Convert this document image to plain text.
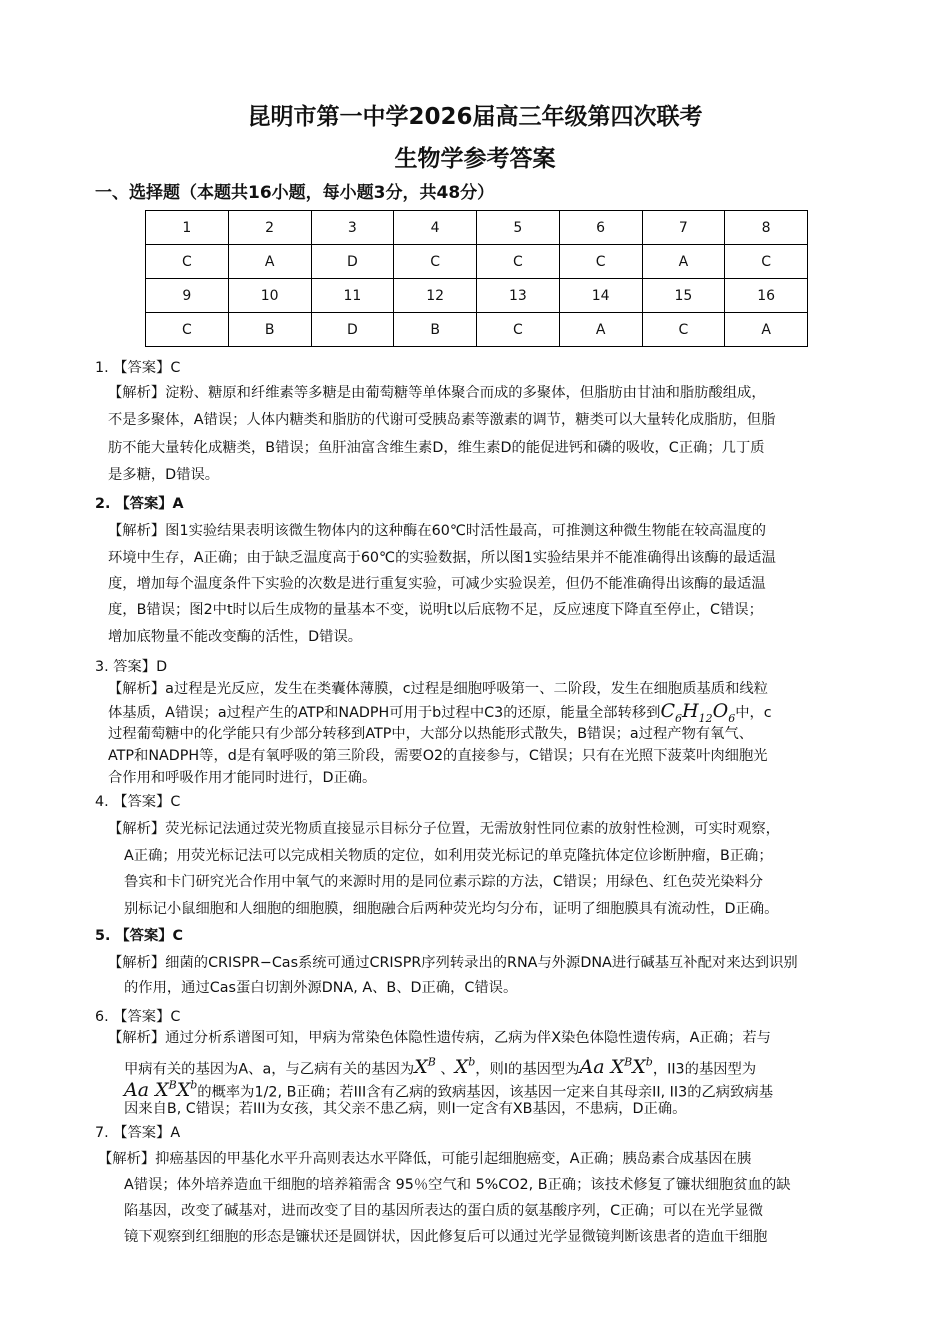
昆明市第一中学2026届高三年级第四次联考
生物学参考答案
一、选择题（本题共16小题，每小题3分，共48分）
1	2	3	4	5	6	7	8
C	A	D	C	C	C	A	C
9	10	11	12	13	14	15	16
C	B	D	B	C	A	C	A
1. 【答案】C
【解析】淀粉、糖原和纤维素等多糖是由葡萄糖等单体聚合而成的多聚体，但脂肪由甘油和脂肪酸组成，
不是多聚体，A错误；人体内糖类和脂肪的代谢可受胰岛素等激素的调节，糖类可以大量转化成脂肪，但脂
肪不能大量转化成糖类，B错误；鱼肝油富含维生素D，维生素D的能促进钙和磷的吸收，C正确；几丁质
是多糖，D错误。
2. 【答案】A
【解析】图1实验结果表明该微生物体内的这种酶在60℃时活性最高，可推测这种微生物能在较高温度的
环境中生存，A正确；由于缺乏温度高于60℃的实验数据，所以图1实验结果并不能准确得出该酶的最适温
度，增加每个温度条件下实验的次数是进行重复实验，可减少实验误差，但仍不能准确得出该酶的最适温
度，B错误；图2中t时以后生成物的量基本不变，说明t以后底物不足，反应速度下降直至停止，C错误；
增加底物量不能改变酶的活性，D错误。
3. 答案】D
【解析】a过程是光反应，发生在类囊体薄膜，c过程是细胞呼吸第一、二阶段，发生在细胞质基质和线粒
体基质，A错误；a过程产生的ATP和NADPH可用于b过程中C3的还原，能量全部转移到$C_6H_{12}O_6$中，c
过程葡萄糖中的化学能只有少部分转移到ATP中，大部分以热能形式散失，B错误；a过程产物有氧气、
ATP和NADPH等，d是有氧呼吸的第三阶段，需要O2的直接参与，C错误；只有在光照下菠菜叶肉细胞光
合作用和呼吸作用才能同时进行，D正确。
4. 【答案】C
【解析】荧光标记法通过荧光物质直接显示目标分子位置，无需放射性同位素的放射性检测，可实时观察，
A正确；用荧光标记法可以完成相关物质的定位，如利用荧光标记的单克隆抗体定位诊断肿瘤，B正确；
鲁宾和卡门研究光合作用中氧气的来源时用的是同位素示踪的方法，C错误；用绿色、红色荧光染料分
别标记小鼠细胞和人细胞的细胞膜，细胞融合后两种荧光均匀分布，证明了细胞膜具有流动性，D正确。
5. 【答案】C
【解析】细菌的CRISPR−Cas系统可通过CRISPR序列转录出的RNA与外源DNA进行碱基互补配对来达到识别
的作用，通过Cas蛋白切割外源DNA, A、B、D正确，C错误。
6. 【答案】C
【解析】通过分析系谱图可知，甲病为常染色体隐性遗传病，乙病为伴X染色体隐性遗传病，A正确；若与
甲病有关的基因为A、a，与乙病有关的基因为$X^B$ 、$X^b$，则I的基因型为Aa $X^BX^b$，II3的基因型为
Aa $X^BX^b$的概率为1/2, B正确；若III含有乙病的致病基因，该基因一定来自其母亲II, II3的乙病致病基
因来自B, C错误；若III为女孩，其父亲不患乙病，则I一定含有XB基因，不患病，D正确。
7. 【答案】A
【解析】抑癌基因的甲基化水平升高则表达水平降低，可能引起细胞癌变，A正确；胰岛素合成基因在胰
A错误；体外培养造血干细胞的培养箱需含 95％空气和 5%CO2, B正确；该技术修复了镰状细胞贫血的缺
陷基因，改变了碱基对，进而改变了目的基因所表达的蛋白质的氨基酸序列，C正确；可以在光学显微
镜下观察到红细胞的形态是镰状还是圆饼状，因此修复后可以通过光学显微镜判断该患者的造血干细胞
